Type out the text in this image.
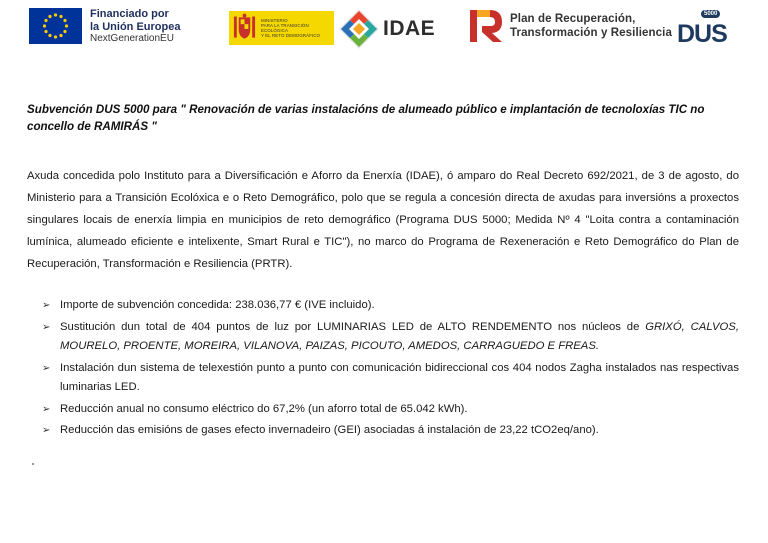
Financiado por
la Unión Europea
NextGenerationEU
MINISTERIO
PARA LA TRANSICIÓN ECOLÓGICA
Y EL RETO DEMOGRÁFICO	IDAE	Plan de Recuperación,
Transformación y Resiliencia
5000
DUS

Subvención DUS 5000 para " Renovación de varias instalacións de alumeado público e implantación de tecnoloxías TIC no concello de RAMIRÁS "

Axuda concedida polo Instituto para a Diversificación e Aforro da Enerxía (IDAE), ó amparo do Real Decreto 692/2021, de 3 de agosto, do Ministerio para a Transición Ecolóxica e o Reto Demográfico, polo que se regula a concesión directa de axudas para inversións a proxectos singulares locais de enerxía limpia en municipios de reto demográfico (Programa DUS 5000; Medida Nº 4 "Loita contra a contaminación lumínica, alumeado eficiente e intelixente, Smart Rural e TIC"), no marco do Programa de Rexeneración e Reto Demográfico do Plan de Recuperación, Transformación e Resiliencia (PRTR).

➢ Importe de subvención concedida: 238.036,77 € (IVE incluido).
➢ Sustitución dun total de 404 puntos de luz por LUMINARIAS LED de ALTO RENDEMENTO nos núcleos de GRIXÓ, CALVOS, MOURELO, PROENTE, MOREIRA, VILANOVA, PAIZAS, PICOUTO, AMEDOS, CARRAGUEDO E FREAS.
➢ Instalación dun sistema de telexestión punto a punto con comunicación bidireccional cos 404 nodos Zagha instalados nas respectivas luminarias LED.
➢ Reducción anual no consumo eléctrico do 67,2% (un aforro total de 65.042 kWh).
➢ Reducción das emisións de gases efecto invernadeiro (GEI) asociadas á instalación de 23,22 tCO2eq/ano).
